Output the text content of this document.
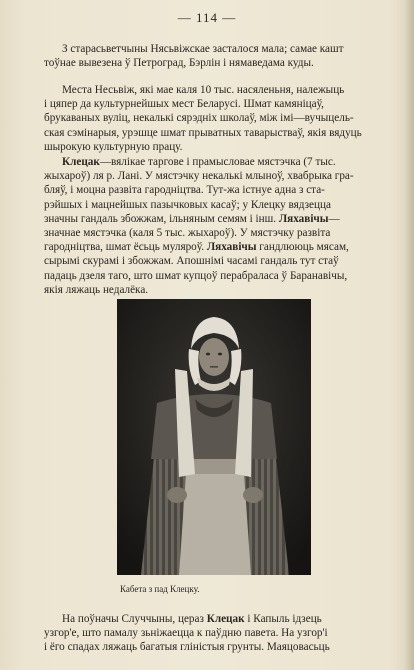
— 114 —
З старасьветчыны Нясьвіжскае засталося мала; самае кашт
тоўнае вывезена ў Петроград, Бэрлін і нямаведама куды.
Места Несьвіж, які мае каля 10 тыс. насяленьня, належыць
і цяпер да культурнейшых мест Беларусі. Шмат камяніцаў,
брукаваных вуліц, некалькі сярэдніх школаў, між імі—вучыцель-
ская сэмінарыя, урэшце шмат прыватных таварыстваў, якія вядуць
шырокую культурную працу.
Клецак—вялікае таргове і прамысловае мястэчка (7 тыс.
жыхароў) ля р. Лані. У мястэчку некалькі млыноў, хвабрыка гра-
бляў, і моцна развіта гародніцтва. Тут-жа істнуе адна з ста-
рэйшых і мацнейшых пазычковых касаў; у Клецку вядзецца
значны гандаль збожжам, ільняным семям і інш. Ляхавічы—
значнае мястэчка (каля 5 тыс. жыхароў). У мястэчку развіта
гародніцтва, шмат ёсьць муляроў. Ляхавічы гандлююць мясам,
сырымі скурамі і збожжам. Апошнімі часамі гандаль тут стаў
падаць дзеля таго, што шмат купцоў перабраласа ў Баранавічы,
якія ляжаць недалёка.
Кабета з пад Клецку.
На поўначы Случчыны, цераз Клецак і Капыль ідзець
узгор'е, што памалу зьніжаецца к паўдню павета. На узгор'і
і ёго спадах ляжаць багатыя гліністыя грунты. Маяцовасьць
